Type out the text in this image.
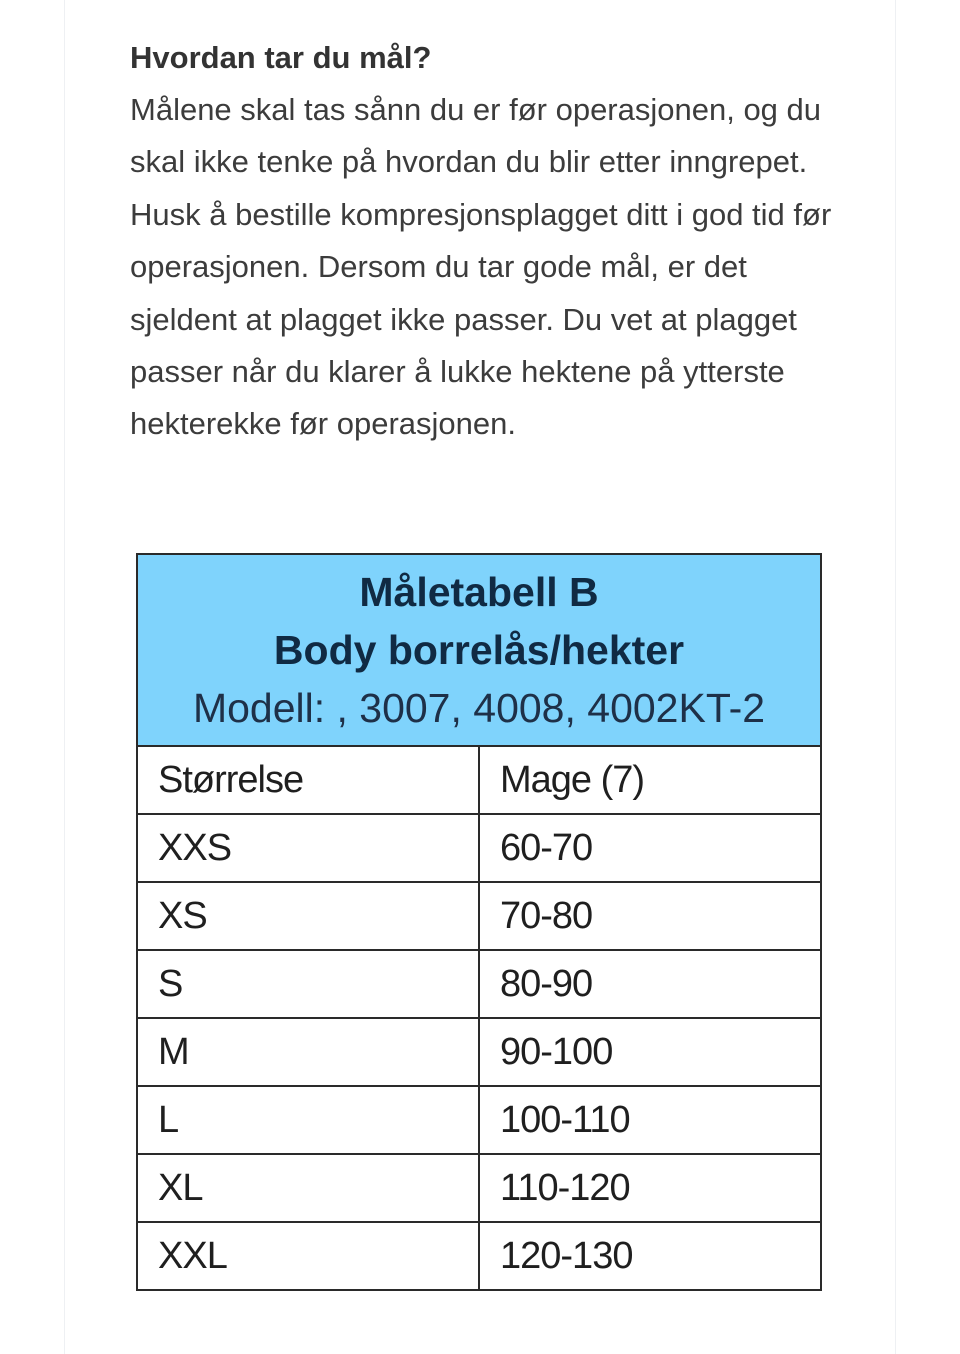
Hvordan tar du mål?

Målene skal tas sånn du er før operasjonen, og du skal ikke tenke på hvordan du blir etter inngrepet. Husk å bestille kompresjonsplagget ditt i god tid før operasjonen. Dersom du tar gode mål, er det sjeldent at plagget ikke passer. Du vet at plagget passer når du klarer å lukke hektene på ytterste hekterekke før operasjonen.

Måletabell B
Body borrelås/hekter
Modell: , 3007, 4008, 4002KT-2	

Størrelse	Mage (7)
XXS	60-70
XS	70-80
S	80-90
M	90-100
L	100-110
XL	110-120
XXL	120-130
